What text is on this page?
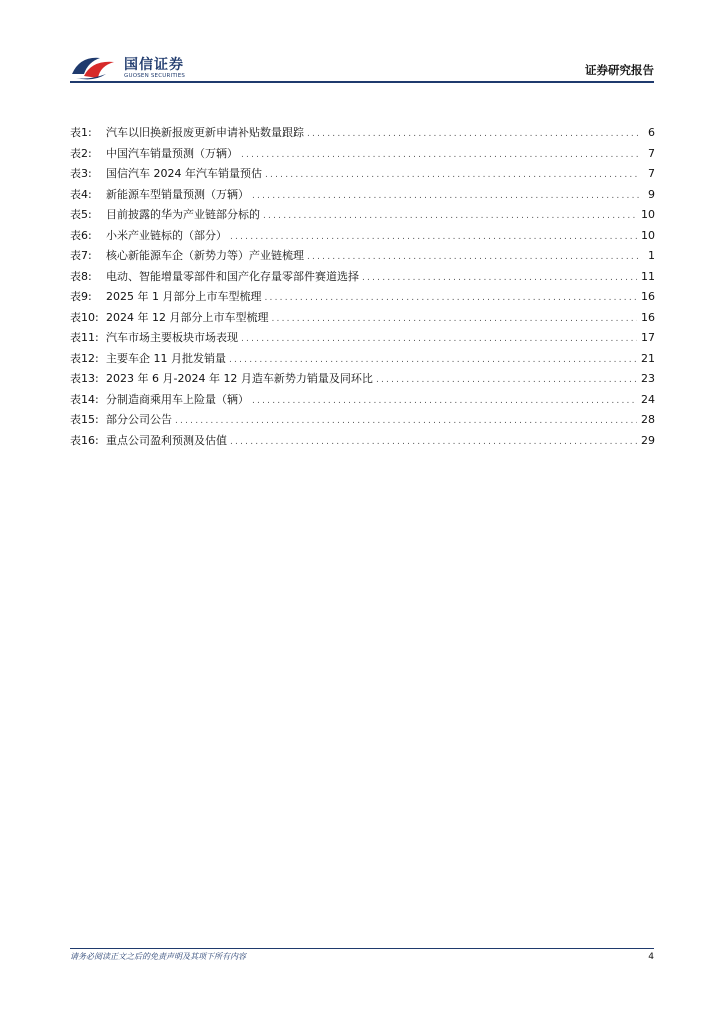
国信证券
GUOSEN SECURITIES	证券研究报告
表1:	汽车以旧换新报废更新申请补贴数量跟踪 .....	6
表2:	中国汽车销量预测（万辆） .....	7
表3:	国信汽车 2024 年汽车销量预估 .....	7
表4:	新能源车型销量预测（万辆） .....	9
表5:	目前披露的华为产业链部分标的 .....	10
表6:	小米产业链标的（部分） .....	10
表7:	核心新能源车企（新势力等）产业链梳理 .....	1
表8:	电动、智能增量零部件和国产化存量零部件赛道选择 .....	11
表9:	2025 年 1 月部分上市车型梳理 .....	16
表10: 2024 年 12 月部分上市车型梳理 .....	16
表11: 汽车市场主要板块市场表现 .....	17
表12: 主要车企 11 月批发销量 .....	21
表13: 2023 年 6 月-2024 年 12 月造车新势力销量及同环比 .....	23
表14: 分制造商乘用车上险量（辆） .....	24
表15: 部分公司公告 .....	28
表16: 重点公司盈利预测及估值 .....	29
请务必阅读正文之后的免责声明及其项下所有内容	4
